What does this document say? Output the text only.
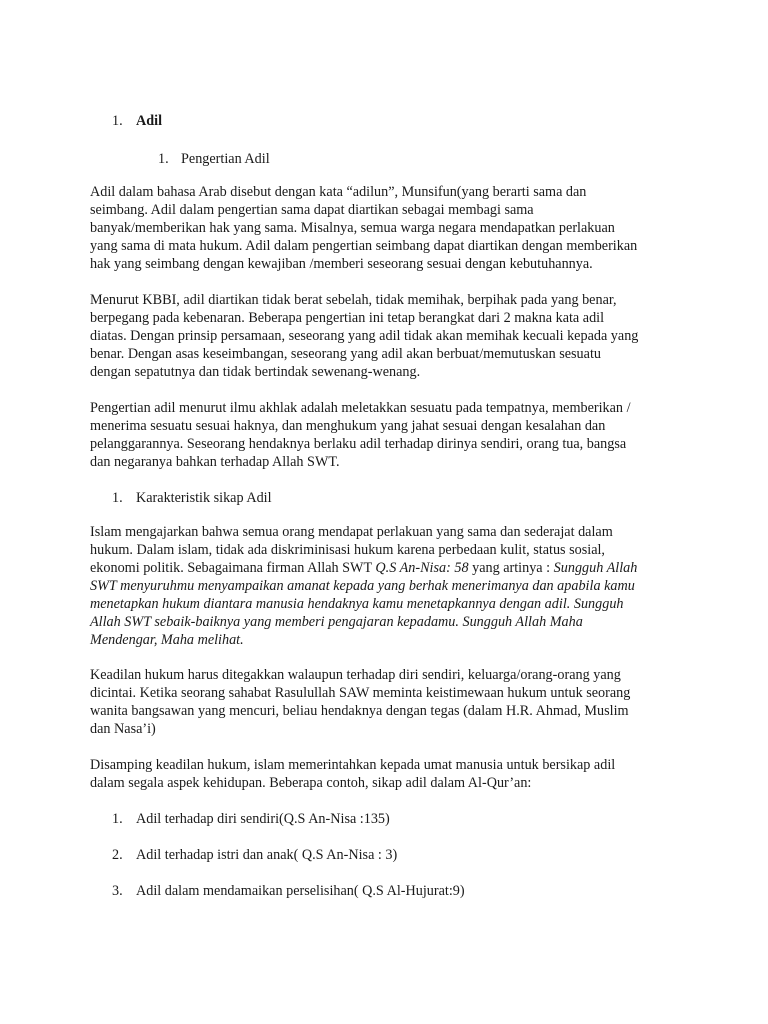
1. Adil
1. Pengertian Adil

Adil dalam bahasa Arab disebut dengan kata “adilun”, Munsifun(yang berarti sama dan
seimbang. Adil dalam pengertian sama dapat diartikan sebagai membagi sama
banyak/memberikan hak yang sama. Misalnya, semua warga negara mendapatkan perlakuan
yang sama di mata hukum. Adil dalam pengertian seimbang dapat diartikan dengan memberikan
hak yang seimbang dengan kewajiban /memberi seseorang sesuai dengan kebutuhannya.

Menurut KBBI, adil diartikan tidak berat sebelah, tidak memihak, berpihak pada yang benar,
berpegang pada kebenaran. Beberapa pengertian ini tetap berangkat dari 2 makna kata adil
diatas. Dengan prinsip persamaan, seseorang yang adil tidak akan memihak kecuali kepada yang
benar. Dengan asas keseimbangan, seseorang yang adil akan berbuat/memutuskan sesuatu
dengan sepatutnya dan tidak bertindak sewenang-wenang.

Pengertian adil menurut ilmu akhlak adalah meletakkan sesuatu pada tempatnya, memberikan /
menerima sesuatu sesuai haknya, dan menghukum yang jahat sesuai dengan kesalahan dan
pelanggarannya. Seseorang hendaknya berlaku adil terhadap dirinya sendiri, orang tua, bangsa
dan negaranya bahkan terhadap Allah SWT.

1. Karakteristik sikap Adil

Islam mengajarkan bahwa semua orang mendapat perlakuan yang sama dan sederajat dalam
hukum. Dalam islam, tidak ada diskriminisasi hukum karena perbedaan kulit, status sosial,
ekonomi politik. Sebagaimana firman Allah SWT Q.S An-Nisa: 58 yang artinya : Sungguh Allah
SWT menyuruhmu menyampaikan amanat kepada yang berhak menerimanya dan apabila kamu
menetapkan hukum diantara manusia hendaknya kamu menetapkannya dengan adil. Sungguh
Allah SWT sebaik-baiknya yang memberi pengajaran kepadamu. Sungguh Allah Maha
Mendengar, Maha melihat.

Keadilan hukum harus ditegakkan walaupun terhadap diri sendiri, keluarga/orang-orang yang
dicintai. Ketika seorang sahabat Rasulullah SAW meminta keistimewaan hukum untuk seorang
wanita bangsawan yang mencuri, beliau hendaknya dengan tegas (dalam H.R. Ahmad, Muslim
dan Nasa’i)

Disamping keadilan hukum, islam memerintahkan kepada umat manusia untuk bersikap adil
dalam segala aspek kehidupan. Beberapa contoh, sikap adil dalam Al-Qur’an:

1. Adil terhadap diri sendiri(Q.S An-Nisa :135)
2. Adil terhadap istri dan anak( Q.S An-Nisa : 3)
3. Adil dalam mendamaikan perselisihan( Q.S Al-Hujurat:9)
